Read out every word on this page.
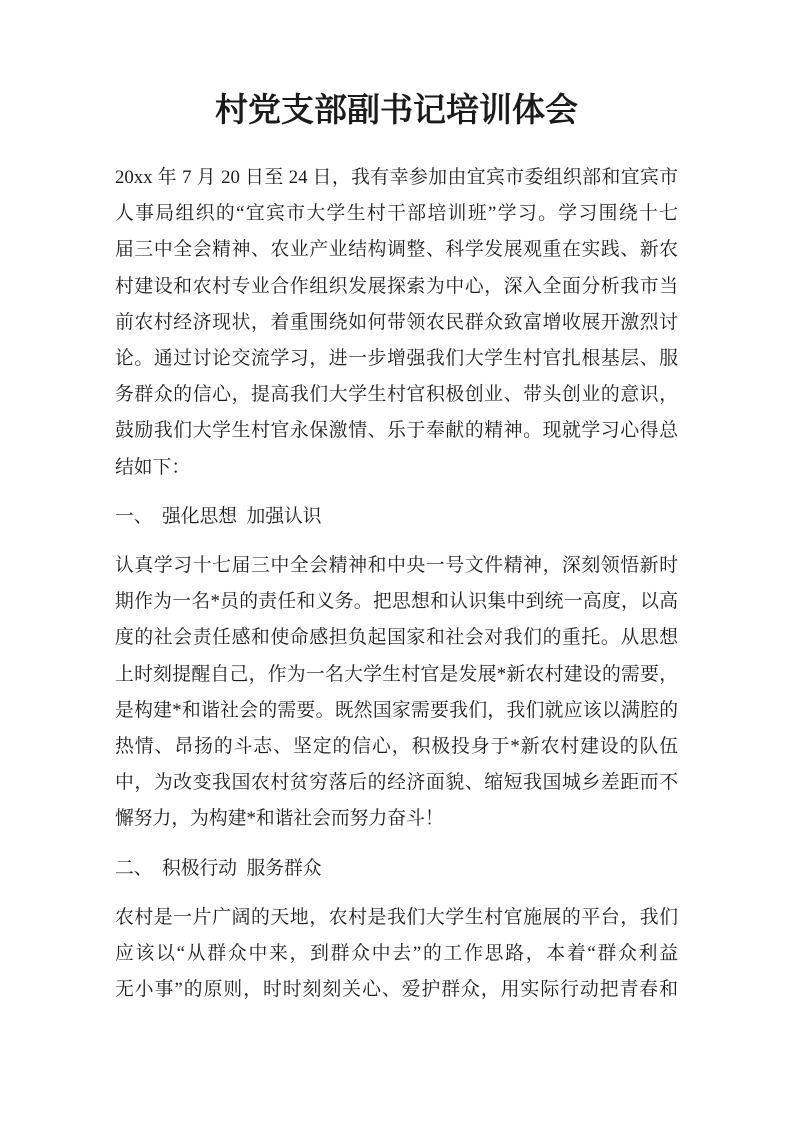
村党支部副书记培训体会
20xx 年 7 月 20 日至 24 日，我有幸参加由宜宾市委组织部和宜宾市
人事局组织的“宜宾市大学生村干部培训班”学习。学习围绕十七
届三中全会精神、农业产业结构调整、科学发展观重在实践、新农
村建设和农村专业合作组织发展探索为中心，深入全面分析我市当
前农村经济现状，着重围绕如何带领农民群众致富增收展开激烈讨
论。通过讨论交流学习，进一步增强我们大学生村官扎根基层、服
务群众的信心，提高我们大学生村官积极创业、带头创业的意识，
鼓励我们大学生村官永保激情、乐于奉献的精神。现就学习心得总
结如下：
一、  强化思想  加强认识
认真学习十七届三中全会精神和中央一号文件精神，深刻领悟新时
期作为一名*员的责任和义务。把思想和认识集中到统一高度，以高
度的社会责任感和使命感担负起国家和社会对我们的重托。从思想
上时刻提醒自己，作为一名大学生村官是发展*新农村建设的需要，
是构建*和谐社会的需要。既然国家需要我们，我们就应该以满腔的
热情、昂扬的斗志、坚定的信心，积极投身于*新农村建设的队伍
中，为改变我国农村贫穷落后的经济面貌、缩短我国城乡差距而不
懈努力，为构建*和谐社会而努力奋斗！
二、  积极行动  服务群众
农村是一片广阔的天地，农村是我们大学生村官施展的平台，我们
应该以“从群众中来，到群众中去”的工作思路，本着“群众利益
无小事”的原则，时时刻刻关心、爱护群众，用实际行动把青春和
